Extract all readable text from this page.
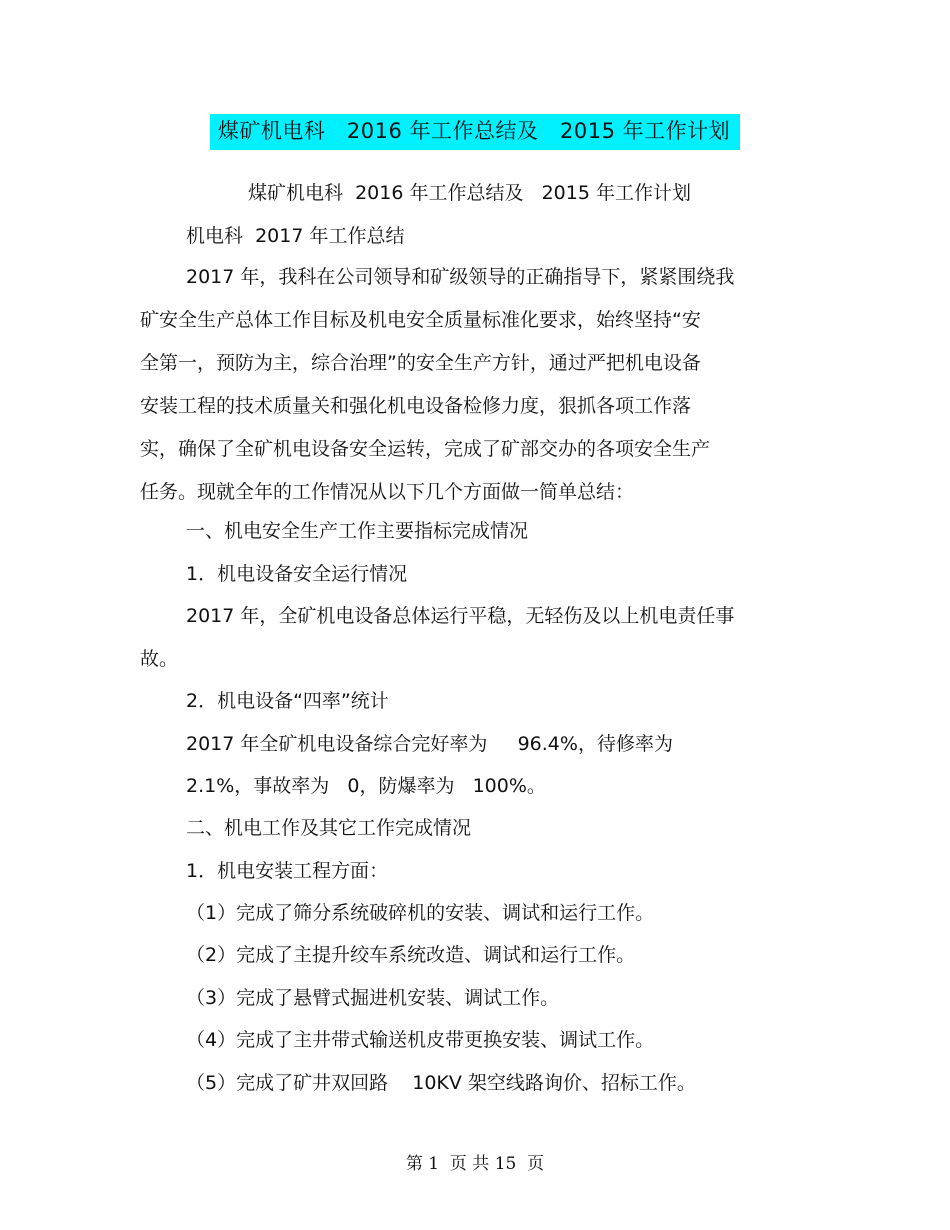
煤矿机电科   2016 年工作总结及   2015 年工作计划
煤矿机电科  2016 年工作总结及   2015 年工作计划
机电科  2017 年工作总结
2017 年，我科在公司领导和矿级领导的正确指导下，紧紧围绕我
矿安全生产总体工作目标及机电安全质量标准化要求，始终坚持“安
全第一，预防为主，综合治理”的安全生产方针，通过严把机电设备
安装工程的技术质量关和强化机电设备检修力度，狠抓各项工作落
实，确保了全矿机电设备安全运转，完成了矿部交办的各项安全生产
任务。现就全年的工作情况从以下几个方面做一简单总结：
一、机电安全生产工作主要指标完成情况
1．机电设备安全运行情况
2017 年，全矿机电设备总体运行平稳，无轻伤及以上机电责任事
故。
2．机电设备“四率”统计
2017 年全矿机电设备综合完好率为     96.4%，待修率为
2.1%，事故率为   0，防爆率为   100%。
二、机电工作及其它工作完成情况
1．机电安装工程方面：
（1）完成了筛分系统破碎机的安装、调试和运行工作。
（2）完成了主提升绞车系统改造、调试和运行工作。
（3）完成了悬臂式掘进机安装、调试工作。
（4）完成了主井带式输送机皮带更换安装、调试工作。
（5）完成了矿井双回路    10KV 架空线路询价、招标工作。
第 1  页 共 15  页
